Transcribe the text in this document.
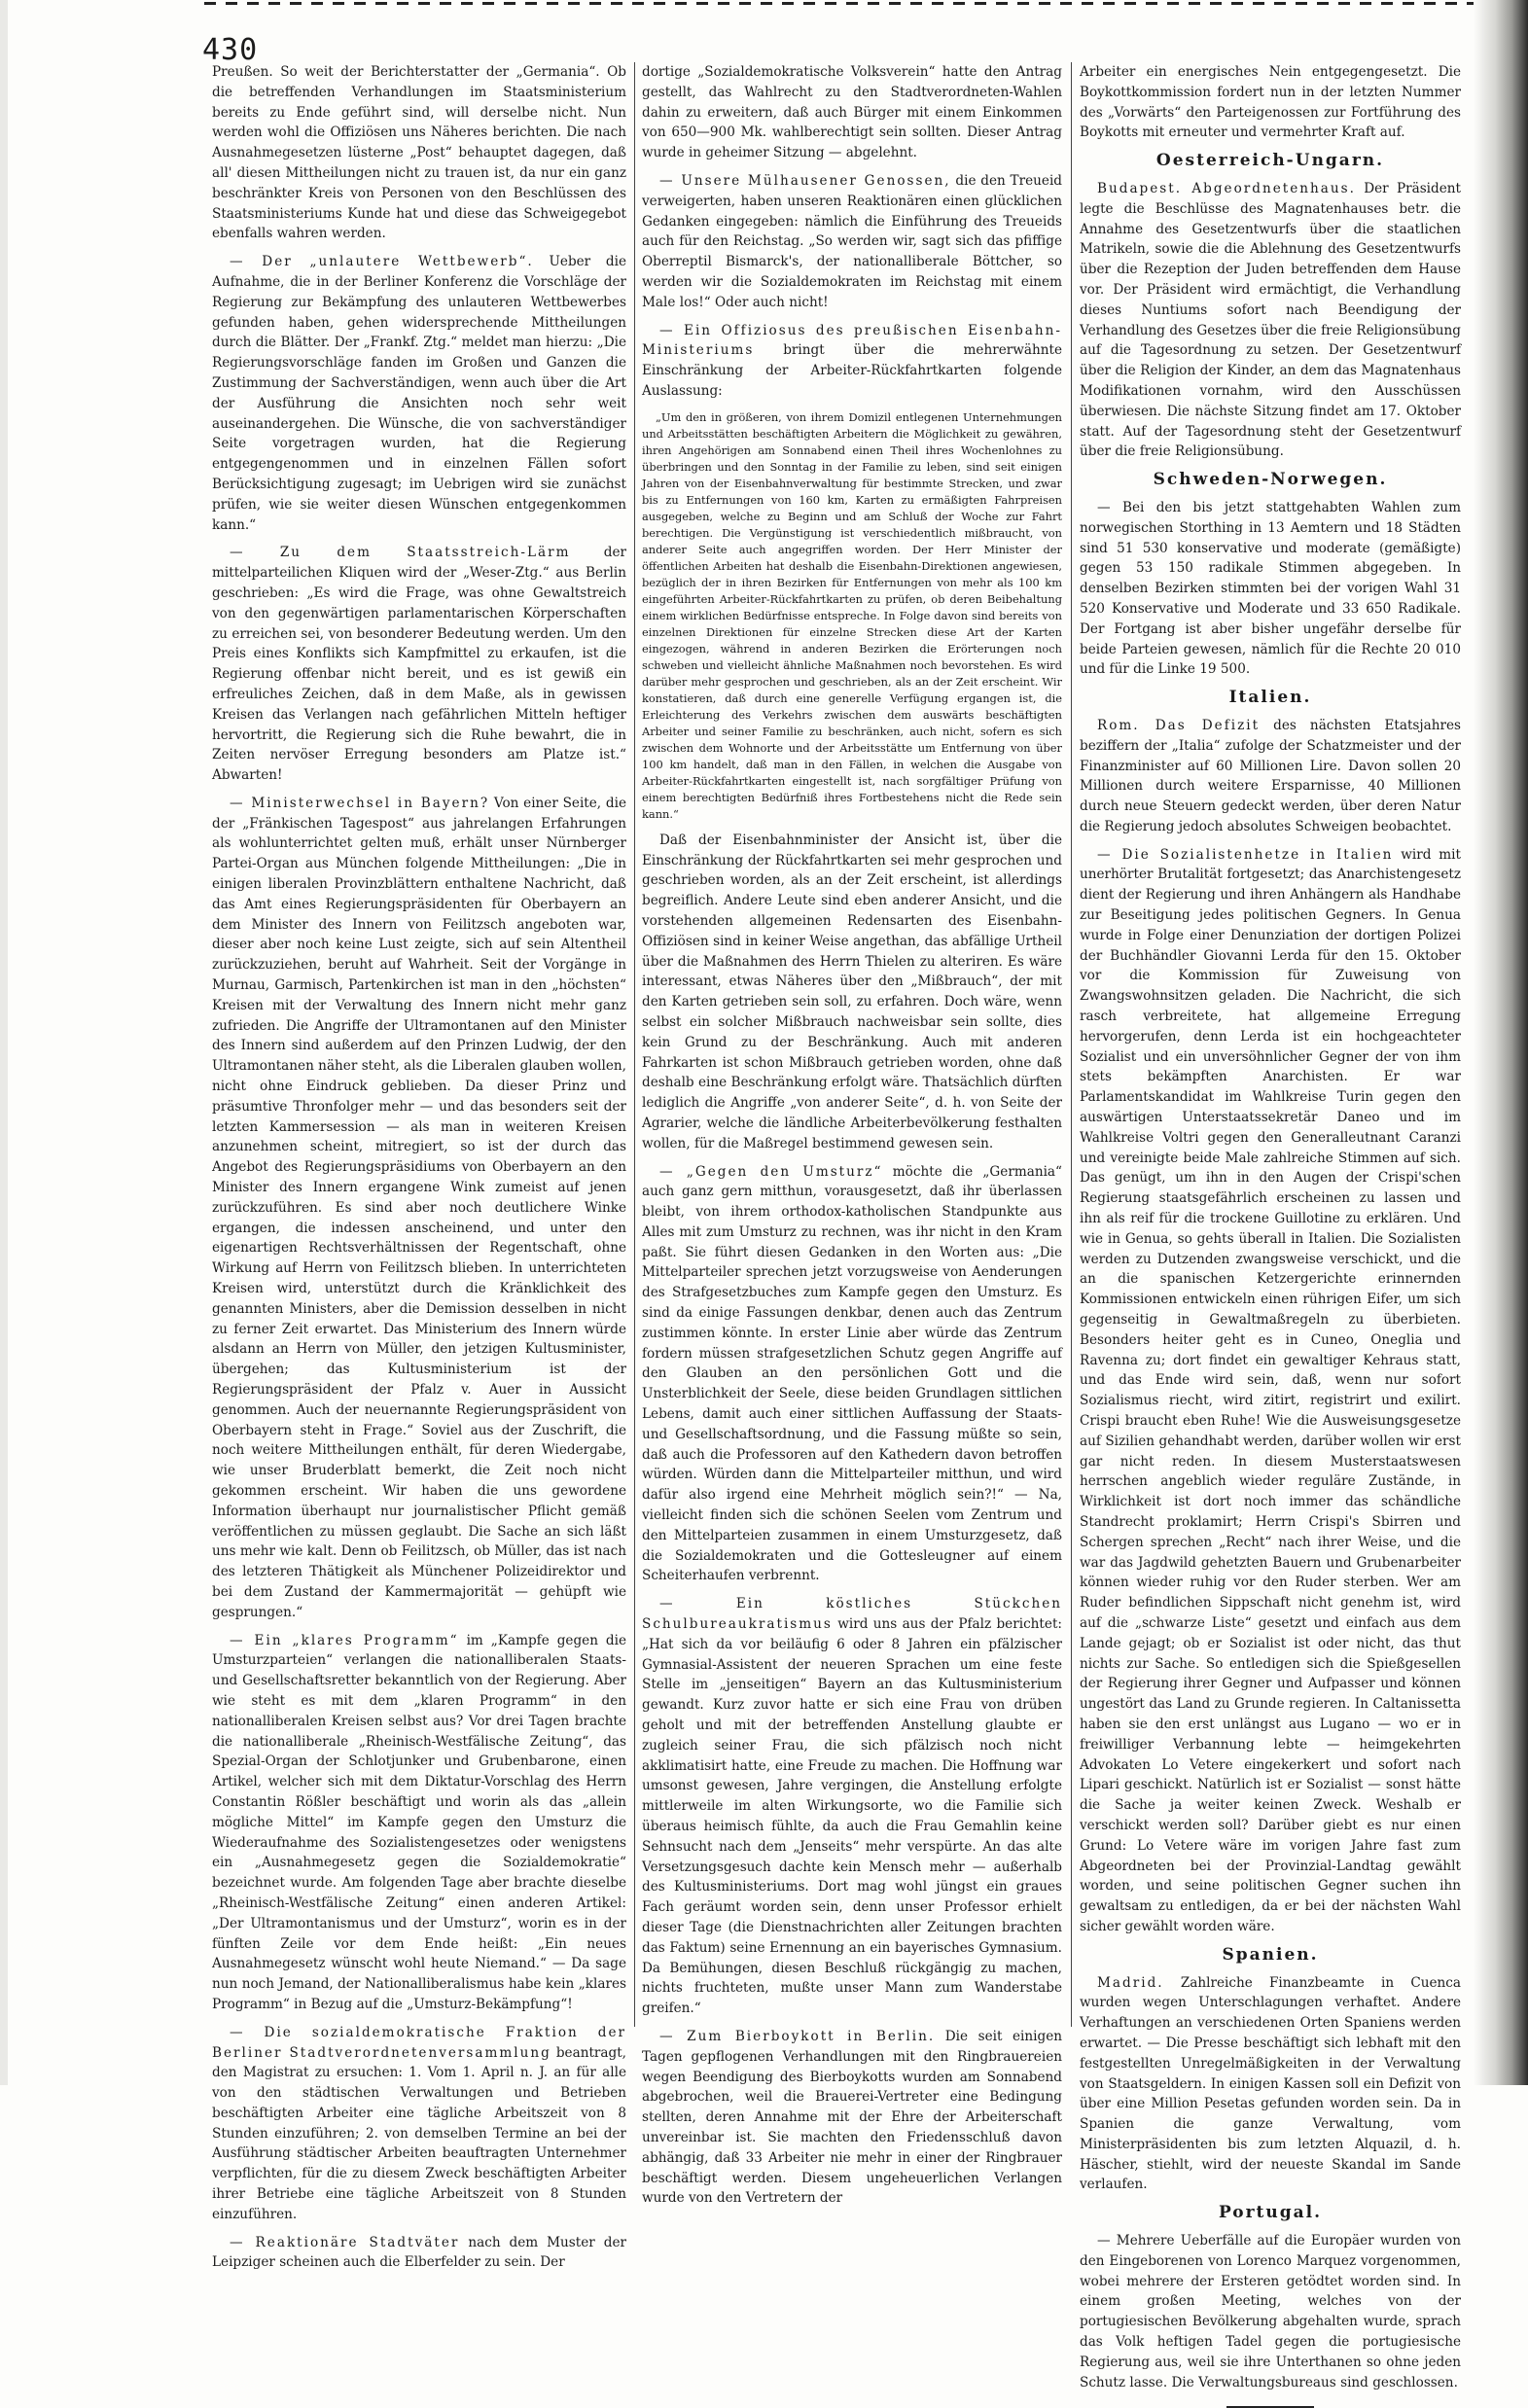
430

Preußen. So weit der Berichterstatter der „Germania“. Ob die betreffenden Verhandlungen im Staatsministerium bereits zu Ende geführt sind, will derselbe nicht. Nun werden wohl die Offiziösen uns Näheres berichten. Die nach Ausnahmegesetzen lüsterne „Post“ behauptet dagegen, daß all' diesen Mittheilungen nicht zu trauen ist, da nur ein ganz beschränkter Kreis von Personen von den Beschlüssen des Staatsministeriums Kunde hat und diese das Schweigegebot ebenfalls wahren werden.

— Der „unlautere Wettbewerb“. Ueber die Aufnahme, die in der Berliner Konferenz die Vorschläge der Regierung zur Bekämpfung des unlauteren Wettbewerbes gefunden haben, gehen widersprechende Mittheilungen durch die Blätter. Der „Frankf. Ztg.“ meldet man hierzu: „Die Regierungsvorschläge fanden im Großen und Ganzen die Zustimmung der Sachverständigen, wenn auch über die Art der Ausführung die Ansichten noch sehr weit auseinandergehen. Die Wünsche, die von sachverständiger Seite vorgetragen wurden, hat die Regierung entgegengenommen und in einzelnen Fällen sofort Berücksichtigung zugesagt; im Uebrigen wird sie zunächst prüfen, wie sie weiter diesen Wünschen entgegenkommen kann.“

— Zu dem Staatsstreich-Lärm	der mittelparteilichen Kliquen wird der „Weser-Ztg.“ aus Berlin geschrieben: „Es wird die Frage, was ohne Gewaltstreich von den gegenwärtigen parlamentarischen Körperschaften zu erreichen sei, von besonderer Bedeutung werden. Um den Preis eines Konflikts sich Kampfmittel zu erkaufen, ist die Regierung offenbar nicht bereit, und es ist gewiß ein erfreuliches Zeichen, daß in dem Maße, als in gewissen Kreisen das Verlangen nach gefährlichen Mitteln heftiger hervortritt, die Regierung sich die Ruhe bewahrt, die in Zeiten nervöser Erregung besonders am Platze ist.“ Abwarten!

— Ministerwechsel in Bayern? Von einer Seite, die der „Fränkischen Tagespost“ aus jahrelangen Erfahrungen als wohlunterrichtet gelten muß, erhält unser Nürnberger Partei-Organ aus München folgende Mittheilungen: „Die in einigen liberalen Provinzblättern enthaltene Nachricht, daß das Amt eines Regierungspräsidenten für Oberbayern an dem Minister des Innern von Feilitzsch angeboten war, dieser aber noch keine Lust zeigte, sich auf sein Altentheil zurückzuziehen, beruht auf Wahrheit. Seit der Vorgänge in Murnau, Garmisch, Partenkirchen ist man in den „höchsten“ Kreisen mit der Verwaltung des Innern nicht mehr ganz zufrieden. Die Angriffe der Ultramontanen auf den Minister des Innern sind außerdem auf den Prinzen Ludwig, der den Ultramontanen näher steht, als die Liberalen glauben wollen, nicht ohne Eindruck geblieben. Da dieser Prinz und präsumtive Thronfolger mehr — und das besonders seit der letzten Kammersession — als man in weiteren Kreisen anzunehmen scheint, mitregiert, so ist der durch das Angebot des Regierungspräsidiums von Oberbayern an den Minister des Innern ergangene Wink zumeist auf jenen zurückzuführen. Es sind aber noch deutlichere Winke ergangen, die indessen anscheinend, und unter den eigenartigen Rechtsverhältnissen der Regentschaft, ohne Wirkung auf Herrn von Feilitzsch blieben. In unterrichteten Kreisen wird, unterstützt durch die Kränklichkeit des genannten Ministers, aber die Demission desselben in nicht zu ferner Zeit erwartet. Das Ministerium des Innern würde alsdann an Herrn von Müller, den jetzigen Kultusminister, übergehen; das Kultusministerium ist der Regierungspräsident der Pfalz v. Auer in Aussicht genommen. Auch der neuernannte Regierungspräsident von Oberbayern steht in Frage.“ Soviel aus der Zuschrift, die noch weitere Mittheilungen enthält, für deren Wiedergabe, wie unser Bruderblatt bemerkt, die Zeit noch nicht gekommen erscheint. Wir haben die uns gewordene Information überhaupt nur journalistischer Pflicht gemäß veröffentlichen zu müssen geglaubt. Die Sache an sich läßt uns mehr wie kalt. Denn ob Feilitzsch, ob Müller, das ist nach des letzteren Thätigkeit als Münchener Polizeidirektor und bei dem Zustand der Kammermajorität — gehüpft wie gesprungen.“

— Ein „klares Programm“ im „Kampfe gegen die Umsturzparteien“ verlangen die nationalliberalen Staats- und Gesellschaftsretter bekanntlich von der Regierung. Aber wie steht es mit dem „klaren Programm“ in den nationalliberalen Kreisen selbst aus? Vor drei Tagen brachte die nationalliberale „Rheinisch-Westfälische Zeitung“, das Spezial-Organ der Schlotjunker und Grubenbarone, einen Artikel, welcher sich mit dem Diktatur-Vorschlag des Herrn Constantin Rößler beschäftigt und worin als das „allein mögliche Mittel“ im Kampfe gegen den Umsturz die Wiederaufnahme des Sozialistengesetzes oder wenigstens ein „Ausnahmegesetz gegen die Sozialdemokratie“ bezeichnet wurde. Am folgenden Tage aber brachte dieselbe „Rheinisch-Westfälische Zeitung“ einen anderen Artikel: „Der Ultramontanismus und der Umsturz“, worin es in der fünften Zeile vor dem Ende heißt: „Ein neues Ausnahmegesetz wünscht wohl heute Niemand.“ — Da sage nun noch Jemand, der Nationalliberalismus habe kein „klares Programm“ in Bezug auf die „Umsturz-Bekämpfung“!

— Die sozialdemokratische Fraktion der Berliner Stadtverordnetenversammlung beantragt, den Magistrat zu ersuchen: 1. Vom 1. April n. J. an für alle von den städtischen Verwaltungen und Betrieben beschäftigten Arbeiter eine tägliche Arbeitszeit von 8 Stunden einzuführen; 2. von demselben Termine an bei der Ausführung städtischer Arbeiten beauftragten Unternehmer verpflichten, für die zu diesem Zweck beschäftigten Arbeiter ihrer Betriebe eine tägliche Arbeitszeit von 8 Stunden einzuführen.

— Reaktionäre Stadtväter nach dem Muster der Leipziger scheinen auch die Elberfelder zu sein. Der

dortige „Sozialdemokratische Volksverein“ hatte den Antrag gestellt, das Wahlrecht zu den Stadtverordneten-Wahlen dahin zu erweitern, daß auch Bürger mit einem Einkommen von 650—900 Mk. wahlberechtigt sein sollten. Dieser Antrag wurde in geheimer Sitzung — abgelehnt.

— Unsere Mülhausener Genossen, die den Treueid verweigerten, haben unseren Reaktionären einen glücklichen Gedanken eingegeben: nämlich die Einführung des Treueids auch für den Reichstag. „So werden wir, sagt sich das pfiffige Oberreptil Bismarck's, der nationalliberale Böttcher, so werden wir die Sozialdemokraten im Reichstag mit einem Male los!“ Oder auch nicht!

— Ein Offiziosus des preußischen Eisenbahn-Ministeriums bringt über die mehrerwähnte Einschränkung der Arbeiter-Rückfahrtkarten folgende Auslassung:

„Um den in größeren, von ihrem Domizil entlegenen Unternehmungen und Arbeitsstätten beschäftigten Arbeitern die Möglichkeit zu gewähren, ihren Angehörigen am Sonnabend einen Theil ihres Wochenlohnes zu überbringen und den Sonntag in der Familie zu leben, sind seit einigen Jahren von der Eisenbahnverwaltung für bestimmte Strecken, und zwar bis zu Entfernungen von 160 km, Karten zu ermäßigten Fahrpreisen ausgegeben, welche zu Beginn und am Schluß der Woche zur Fahrt berechtigen. Die Vergünstigung ist verschiedentlich mißbraucht, von anderer Seite auch angegriffen worden. Der Herr Minister der öffentlichen Arbeiten hat deshalb die Eisenbahn-Direktionen angewiesen, bezüglich der in ihren Bezirken für Entfernungen von mehr als 100 km eingeführten Arbeiter-Rückfahrtkarten zu prüfen, ob deren Beibehaltung einem wirklichen Bedürfnisse entspreche. In Folge davon sind bereits von einzelnen Direktionen für einzelne Strecken diese Art der Karten eingezogen, während in anderen Bezirken die Erörterungen noch schweben und vielleicht ähnliche Maßnahmen noch bevorstehen. Es wird darüber mehr gesprochen und geschrieben, als an der Zeit erscheint. Wir konstatieren, daß durch eine generelle Verfügung ergangen ist, die Erleichterung des Verkehrs zwischen dem auswärts beschäftigten Arbeiter und seiner Familie zu beschränken, auch nicht, sofern es sich zwischen dem Wohnorte und der Arbeitsstätte um Entfernung von über 100 km handelt, daß man in den Fällen, in welchen die Ausgabe von Arbeiter-Rückfahrtkarten eingestellt ist, nach sorgfältiger Prüfung von einem berechtigten Bedürfniß ihres Fortbestehens nicht die Rede sein kann.“

Daß der Eisenbahnminister der Ansicht ist, über die Einschränkung der Rückfahrtkarten sei mehr gesprochen und geschrieben worden, als an der Zeit erscheint, ist allerdings begreiflich. Andere Leute sind eben anderer Ansicht, und die vorstehenden allgemeinen Redensarten des Eisenbahn-Offiziösen sind in keiner Weise angethan, das abfällige Urtheil über die Maßnahmen des Herrn Thielen zu alteriren. Es wäre interessant, etwas Näheres über den „Mißbrauch“, der mit den Karten getrieben sein soll, zu erfahren. Doch wäre, wenn selbst ein solcher Mißbrauch nachweisbar sein sollte, dies kein Grund zu der Beschränkung. Auch mit anderen Fahrkarten ist schon Mißbrauch getrieben worden, ohne daß deshalb eine Beschränkung erfolgt wäre. Thatsächlich dürften lediglich die Angriffe „von anderer Seite“, d. h. von Seite der Agrarier, welche die ländliche Arbeiterbevölkerung festhalten wollen, für die Maßregel bestimmend gewesen sein.

— „Gegen den Umsturz“ möchte die „Germania“ auch ganz gern mitthun, vorausgesetzt, daß ihr überlassen bleibt, von ihrem orthodox-katholischen Standpunkte aus Alles mit zum Umsturz zu rechnen, was ihr nicht in den Kram paßt. Sie führt diesen Gedanken in den Worten aus: „Die Mittelparteiler sprechen jetzt vorzugsweise von Aenderungen des Strafgesetzbuches zum Kampfe gegen den Umsturz. Es sind da einige Fassungen denkbar, denen auch das Zentrum zustimmen könnte. In erster Linie aber würde das Zentrum fordern müssen strafgesetzlichen Schutz gegen Angriffe auf den Glauben an den persönlichen Gott und die Unsterblichkeit der Seele, diese beiden Grundlagen sittlichen Lebens, damit auch einer sittlichen Auffassung der Staats- und Gesellschaftsordnung, und die Fassung müßte so sein, daß auch die Professoren auf den Kathedern davon betroffen würden. Würden dann die Mittelparteiler mitthun, und wird dafür also irgend eine Mehrheit möglich sein?!“ — Na, vielleicht finden sich die schönen Seelen vom Zentrum und den Mittelparteien zusammen in einem Umsturzgesetz, daß die Sozialdemokraten und die Gottesleugner auf einem Scheiterhaufen verbrennt.

— Ein köstliches Stückchen Schulbureaukratismus wird uns aus der Pfalz berichtet: „Hat sich da vor beiläufig 6 oder 8 Jahren ein pfälzischer Gymnasial-Assistent der neueren Sprachen um eine feste Stelle im „jenseitigen“ Bayern an das Kultusministerium gewandt. Kurz zuvor hatte er sich eine Frau von drüben geholt und mit der betreffenden Anstellung glaubte er zugleich seiner Frau, die sich pfälzisch noch nicht akklimatisirt hatte, eine Freude zu machen. Die Hoffnung war umsonst gewesen, Jahre vergingen, die Anstellung erfolgte mittlerweile im alten Wirkungsorte, wo die Familie sich überaus heimisch fühlte, da auch die Frau Gemahlin keine Sehnsucht nach dem „Jenseits“ mehr verspürte. An das alte Versetzungsgesuch dachte kein Mensch mehr — außerhalb des Kultusministeriums. Dort mag wohl jüngst ein graues Fach geräumt worden sein, denn unser Professor erhielt dieser Tage (die Dienstnachrichten aller Zeitungen brachten das Faktum) seine Ernennung an ein bayerisches Gymnasium. Da Bemühungen, diesen Beschluß rückgängig zu machen, nichts fruchteten, mußte unser Mann zum Wanderstabe greifen.“

— Zum Bierboykott in Berlin. Die seit einigen Tagen gepflogenen Verhandlungen mit den Ringbrauereien wegen Beendigung des Bierboykotts wurden am Sonnabend abgebrochen, weil die Brauerei-Vertreter eine Bedingung stellten, deren Annahme mit der Ehre der Arbeiterschaft unvereinbar ist. Sie machten den Friedensschluß davon abhängig, daß 33 Arbeiter nie mehr in einer der Ringbrauer beschäftigt werden. Diesem ungeheuerlichen Verlangen wurde von den Vertretern der

Arbeiter ein energisches Nein entgegengesetzt. Die Boykottkommission fordert nun in der letzten Nummer des „Vorwärts“ den Parteigenossen zur Fortführung des Boykotts mit erneuter und vermehrter Kraft auf.

Oesterreich-Ungarn.

Budapest. Abgeordnetenhaus. Der Präsident legte die Beschlüsse des Magnatenhauses betr. die Annahme des Gesetzentwurfs über die staatlichen Matrikeln, sowie die die Ablehnung des Gesetzentwurfs über die Rezeption der Juden betreffenden dem Hause vor. Der Präsident wird ermächtigt, die Verhandlung dieses Nuntiums sofort nach Beendigung der Verhandlung des Gesetzes über die freie Religionsübung auf die Tagesordnung zu setzen. Der Gesetzentwurf über die Religion der Kinder, an dem das Magnatenhaus Modifikationen vornahm, wird den Ausschüssen überwiesen. Die nächste Sitzung findet am 17. Oktober statt. Auf der Tagesordnung steht der Gesetzentwurf über die freie Religionsübung.

Schweden-Norwegen.

— Bei den bis jetzt stattgehabten Wahlen zum norwegischen Storthing in 13 Aemtern und 18 Städten sind 51 530 konservative und moderate (gemäßigte) gegen 53 150 radikale Stimmen abgegeben. In denselben Bezirken stimmten bei der vorigen Wahl 31 520 Konservative und Moderate und 33 650 Radikale. Der Fortgang ist aber bisher ungefähr derselbe für beide Parteien gewesen, nämlich für die Rechte 20 010 und für die Linke 19 500.

Italien.

Rom. Das Defizit des nächsten Etatsjahres beziffern der „Italia“ zufolge der Schatzmeister und der Finanzminister auf 60 Millionen Lire. Davon sollen 20 Millionen durch weitere Ersparnisse, 40 Millionen durch neue Steuern gedeckt werden, über deren Natur die Regierung jedoch absolutes Schweigen beobachtet.

— Die Sozialistenhetze in Italien wird mit unerhörter Brutalität fortgesetzt; das Anarchistengesetz dient der Regierung und ihren Anhängern als Handhabe zur Beseitigung jedes politischen Gegners. In Genua wurde in Folge einer Denunziation der dortigen Polizei der Buchhändler Giovanni Lerda für den 15. Oktober vor die Kommission für Zuweisung von Zwangswohnsitzen geladen. Die Nachricht, die sich rasch verbreitete, hat allgemeine Erregung hervorgerufen, denn Lerda ist ein hochgeachteter Sozialist und ein unversöhnlicher Gegner der von ihm stets bekämpften Anarchisten. Er war Parlamentskandidat im Wahlkreise Turin gegen den auswärtigen Unterstaatssekretär Daneo und im Wahlkreise Voltri gegen den Generalleutnant Caranzi und vereinigte beide Male zahlreiche Stimmen auf sich. Das genügt, um ihn in den Augen der Crispi'schen Regierung staatsgefährlich erscheinen zu lassen und ihn als reif für die trockene Guillotine zu erklären. Und wie in Genua, so gehts überall in Italien. Die Sozialisten werden zu Dutzenden zwangsweise verschickt, und die an die spanischen Ketzergerichte erinnernden Kommissionen entwickeln einen rührigen Eifer, um sich gegenseitig in Gewaltmaßregeln zu überbieten. Besonders heiter geht es in Cuneo, Oneglia und Ravenna zu; dort findet ein gewaltiger Kehraus statt, und das Ende wird sein, daß, wenn nur sofort Sozialismus riecht, wird zitirt, registrirt und exilirt. Crispi braucht eben Ruhe! Wie die Ausweisungsgesetze auf Sizilien gehandhabt werden, darüber wollen wir erst gar nicht reden. In diesem Musterstaatswesen herrschen angeblich wieder reguläre Zustände, in Wirklichkeit ist dort noch immer das schändliche Standrecht proklamirt; Herrn Crispi's Sbirren und Schergen sprechen „Recht“ nach ihrer Weise, und die war das Jagdwild gehetzten Bauern und Grubenarbeiter können wieder ruhig vor den Ruder sterben. Wer am Ruder befindlichen Sippschaft nicht genehm ist, wird auf die „schwarze Liste“ gesetzt und einfach aus dem Lande gejagt; ob er Sozialist ist oder nicht, das thut nichts zur Sache. So entledigen sich die Spießgesellen der Regierung ihrer Gegner und Aufpasser und können ungestört das Land zu Grunde regieren. In Caltanissetta haben sie den erst unlängst aus Lugano — wo er in freiwilliger Verbannung lebte — heimgekehrten Advokaten Lo Vetere eingekerkert und sofort nach Lipari geschickt. Natürlich ist er Sozialist — sonst hätte die Sache ja weiter keinen Zweck. Weshalb er verschickt werden soll? Darüber giebt es nur einen Grund: Lo Vetere wäre im vorigen Jahre fast zum Abgeordneten bei der Provinzial-Landtag gewählt worden, und seine politischen Gegner suchen ihn gewaltsam zu entledigen, da er bei der nächsten Wahl sicher gewählt worden wäre.

Spanien.

Madrid. Zahlreiche Finanzbeamte in Cuenca wurden wegen Unterschlagungen verhaftet. Andere Verhaftungen an verschiedenen Orten Spaniens werden erwartet. — Die Presse beschäftigt sich lebhaft mit den festgestellten Unregelmäßigkeiten in der Verwaltung von Staatsgeldern. In einigen Kassen soll ein Defizit von über eine Million Pesetas gefunden worden sein. Da in Spanien die ganze Verwaltung, vom Ministerpräsidenten bis zum letzten Alquazil, d. h. Häscher, stiehlt, wird der neueste Skandal im Sande verlaufen.

Portugal.

— Mehrere Ueberfälle auf die Europäer wurden von den Eingeborenen von Lorenco Marquez vorgenommen, wobei mehrere der Ersteren getödtet worden sind. In einem großen Meeting, welches von der portugiesischen Bevölkerung abgehalten wurde, sprach das Volk heftigen Tadel gegen die portugiesische Regierung aus, weil sie ihre Unterthanen so ohne jeden Schutz lasse. Die Verwaltungsbureaus sind geschlossen.
